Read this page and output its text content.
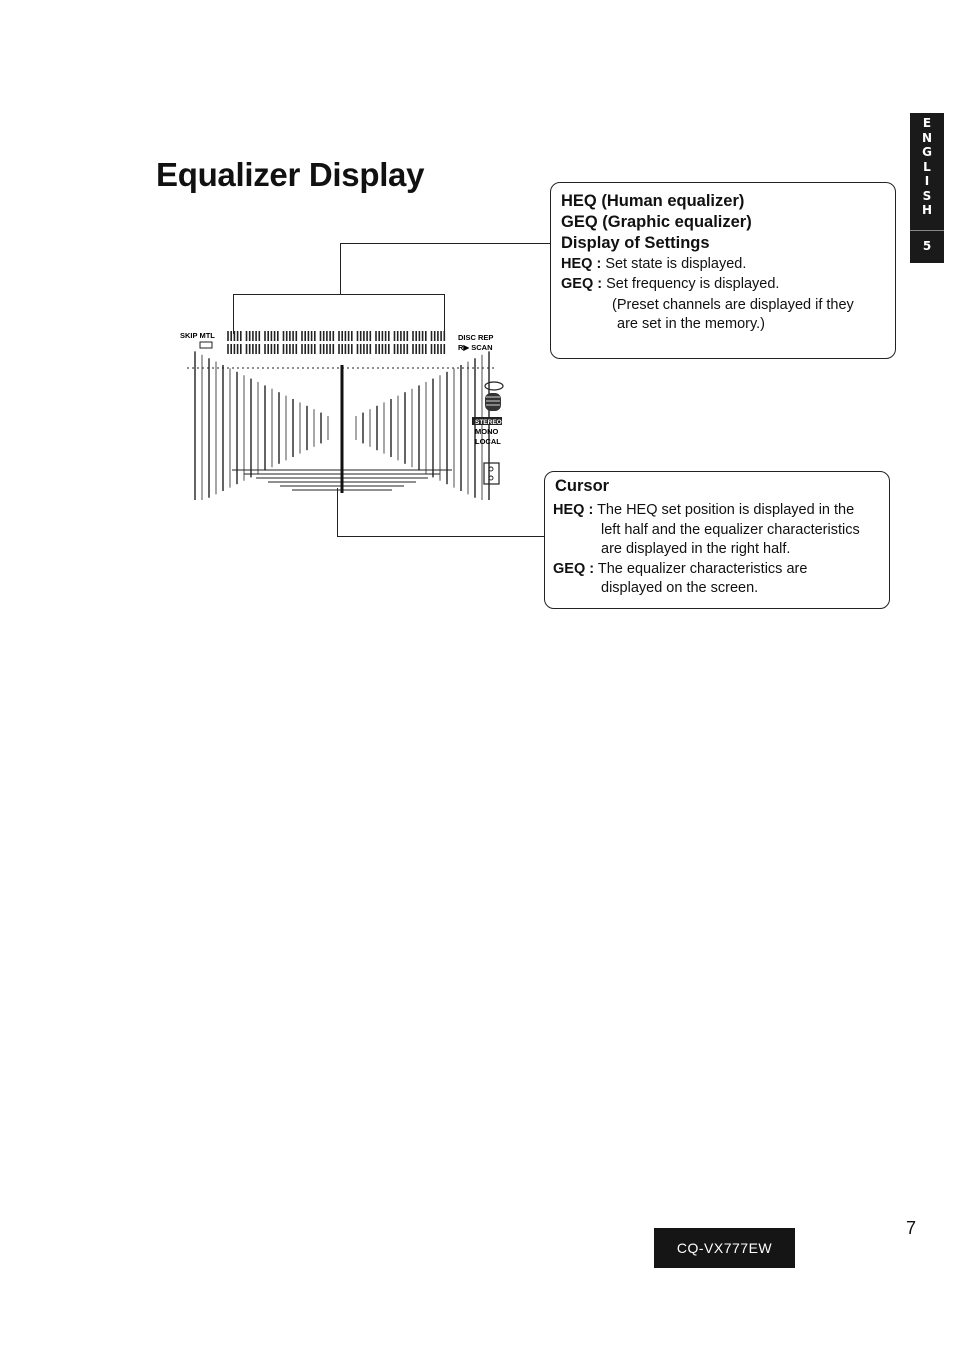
E
N
G
L
I
S
H
5
Equalizer Display
HEQ (Human equalizer)
GEQ (Graphic equalizer)
Display of Settings
HEQ : Set state is displayed.
GEQ : Set frequency is displayed.
(Preset channels are displayed if they
are set in the memory.)
Cursor
HEQ : The HEQ set position is displayed in the
left half and the equalizer characteristics
are displayed in the right half.
GEQ : The equalizer characteristics are
displayed on the screen.
SKIP MTL	DISC REP
R▶ SCAN
STEREO
MONO
LOCAL
CQ-VX777EW
7
